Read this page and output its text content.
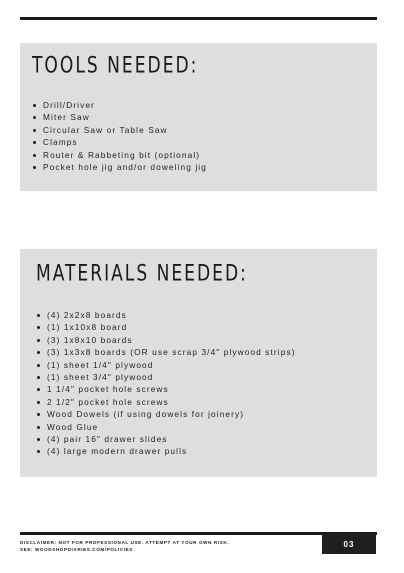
TOOLS NEEDED:
Drill/Driver
Miter Saw
Circular Saw or Table Saw
Clamps
Router & Rabbeting bit (optional)
Pocket hole jig and/or doweling jig
MATERIALS NEEDED:
(4) 2x2x8 boards
(1) 1x10x8 board
(3) 1x8x10 boards
(3) 1x3x8 boards (OR use scrap 3/4" plywood strips)
(1) sheet 1/4" plywood
(1) sheet 3/4" plywood
1 1/4" pocket hole screws
2 1/2" pocket hole screws
Wood Dowels (if using dowels for joinery)
Wood Glue
(4) pair 16" drawer slides
(4) large modern drawer pulls
DISCLAIMER: NOT FOR PROFESSIONAL USE. ATTEMPT AT YOUR OWN RISK.
SEE: WOODSHOPDIARIES.COM/POLICIES
03
